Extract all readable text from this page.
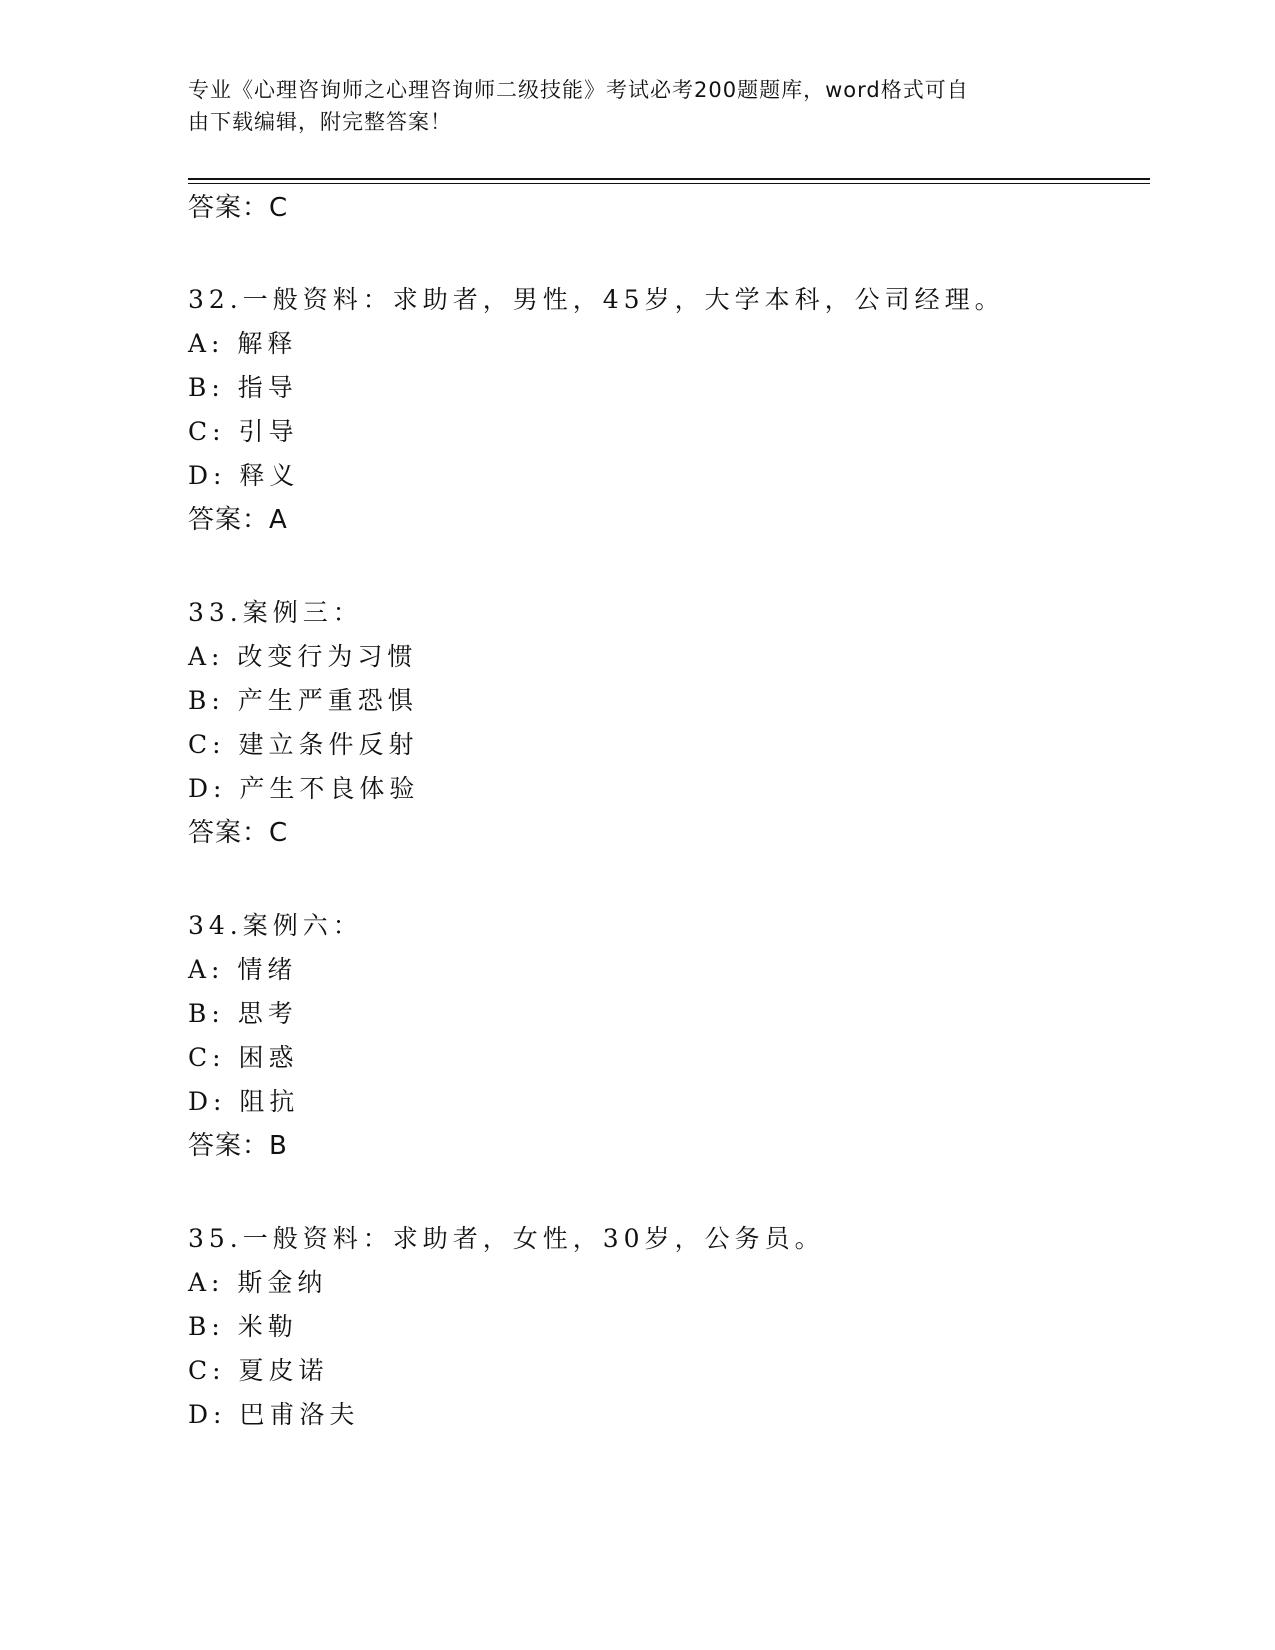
专业《心理咨询师之心理咨询师二级技能》考试必考200题题库，word格式可自
由下载编辑，附完整答案！
答案：C
32.一般资料：求助者，男性，45岁，大学本科，公司经理。
A: 解释
B: 指导
C: 引导
D: 释义
答案：A
33.案例三：
A: 改变行为习惯
B: 产生严重恐惧
C: 建立条件反射
D: 产生不良体验
答案：C
34.案例六：
A: 情绪
B: 思考
C: 困惑
D: 阻抗
答案：B
35.一般资料：求助者，女性，30岁，公务员。
A: 斯金纳
B: 米勒
C: 夏皮诺
D: 巴甫洛夫
